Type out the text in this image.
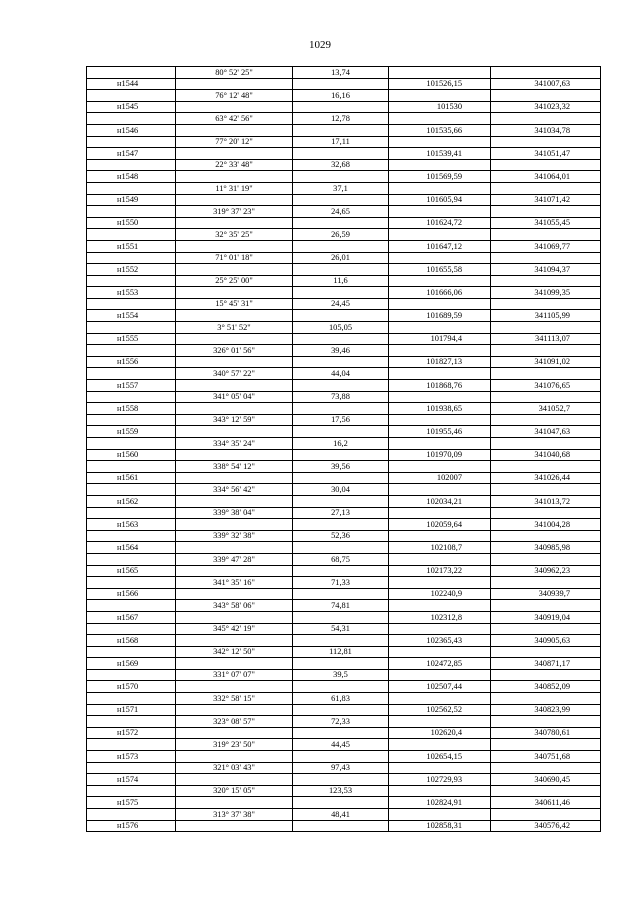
1029
	80° 52' 25"	13,74		
н1544			101526,15	341007,63
	76° 12' 48"	16,16		
н1545			101530	341023,32
	63° 42' 56"	12,78		
н1546			101535,66	341034,78
	77° 20' 12"	17,11		
н1547			101539,41	341051,47
	22° 33' 48"	32,68		
н1548			101569,59	341064,01
	11° 31' 19"	37,1		
н1549			101605,94	341071,42
	319° 37' 23"	24,65		
н1550			101624,72	341055,45
	32° 35' 25"	26,59		
н1551			101647,12	341069,77
	71° 01' 18"	26,01		
н1552			101655,58	341094,37
	25° 25' 00"	11,6		
н1553			101666,06	341099,35
	15° 45' 31"	24,45		
н1554			101689,59	341105,99
	3° 51' 52"	105,05		
н1555			101794,4	341113,07
	326° 01' 56"	39,46		
н1556			101827,13	341091,02
	340° 57' 22"	44,04		
н1557			101868,76	341076,65
	341° 05' 04"	73,88		
н1558			101938,65	341052,7
	343° 12' 59"	17,56		
н1559			101955,46	341047,63
	334° 35' 24"	16,2		
н1560			101970,09	341040,68
	338° 54' 12"	39,56		
н1561			102007	341026,44
	334° 56' 42"	30,04		
н1562			102034,21	341013,72
	339° 38' 04"	27,13		
н1563			102059,64	341004,28
	339° 32' 38"	52,36		
н1564			102108,7	340985,98
	339° 47' 28"	68,75		
н1565			102173,22	340962,23
	341° 35' 16"	71,33		
н1566			102240,9	340939,7
	343° 58' 06"	74,81		
н1567			102312,8	340919,04
	345° 42' 19"	54,31		
н1568			102365,43	340905,63
	342° 12' 50"	112,81		
н1569			102472,85	340871,17
	331° 07' 07"	39,5		
н1570			102507,44	340852,09
	332° 58' 15"	61,83		
н1571			102562,52	340823,99
	323° 08' 57"	72,33		
н1572			102620,4	340780,61
	319° 23' 50"	44,45		
н1573			102654,15	340751,68
	321° 03' 43"	97,43		
н1574			102729,93	340690,45
	320° 15' 05"	123,53		
н1575			102824,91	340611,46
	313° 37' 38"	48,41		
н1576			102858,31	340576,42
